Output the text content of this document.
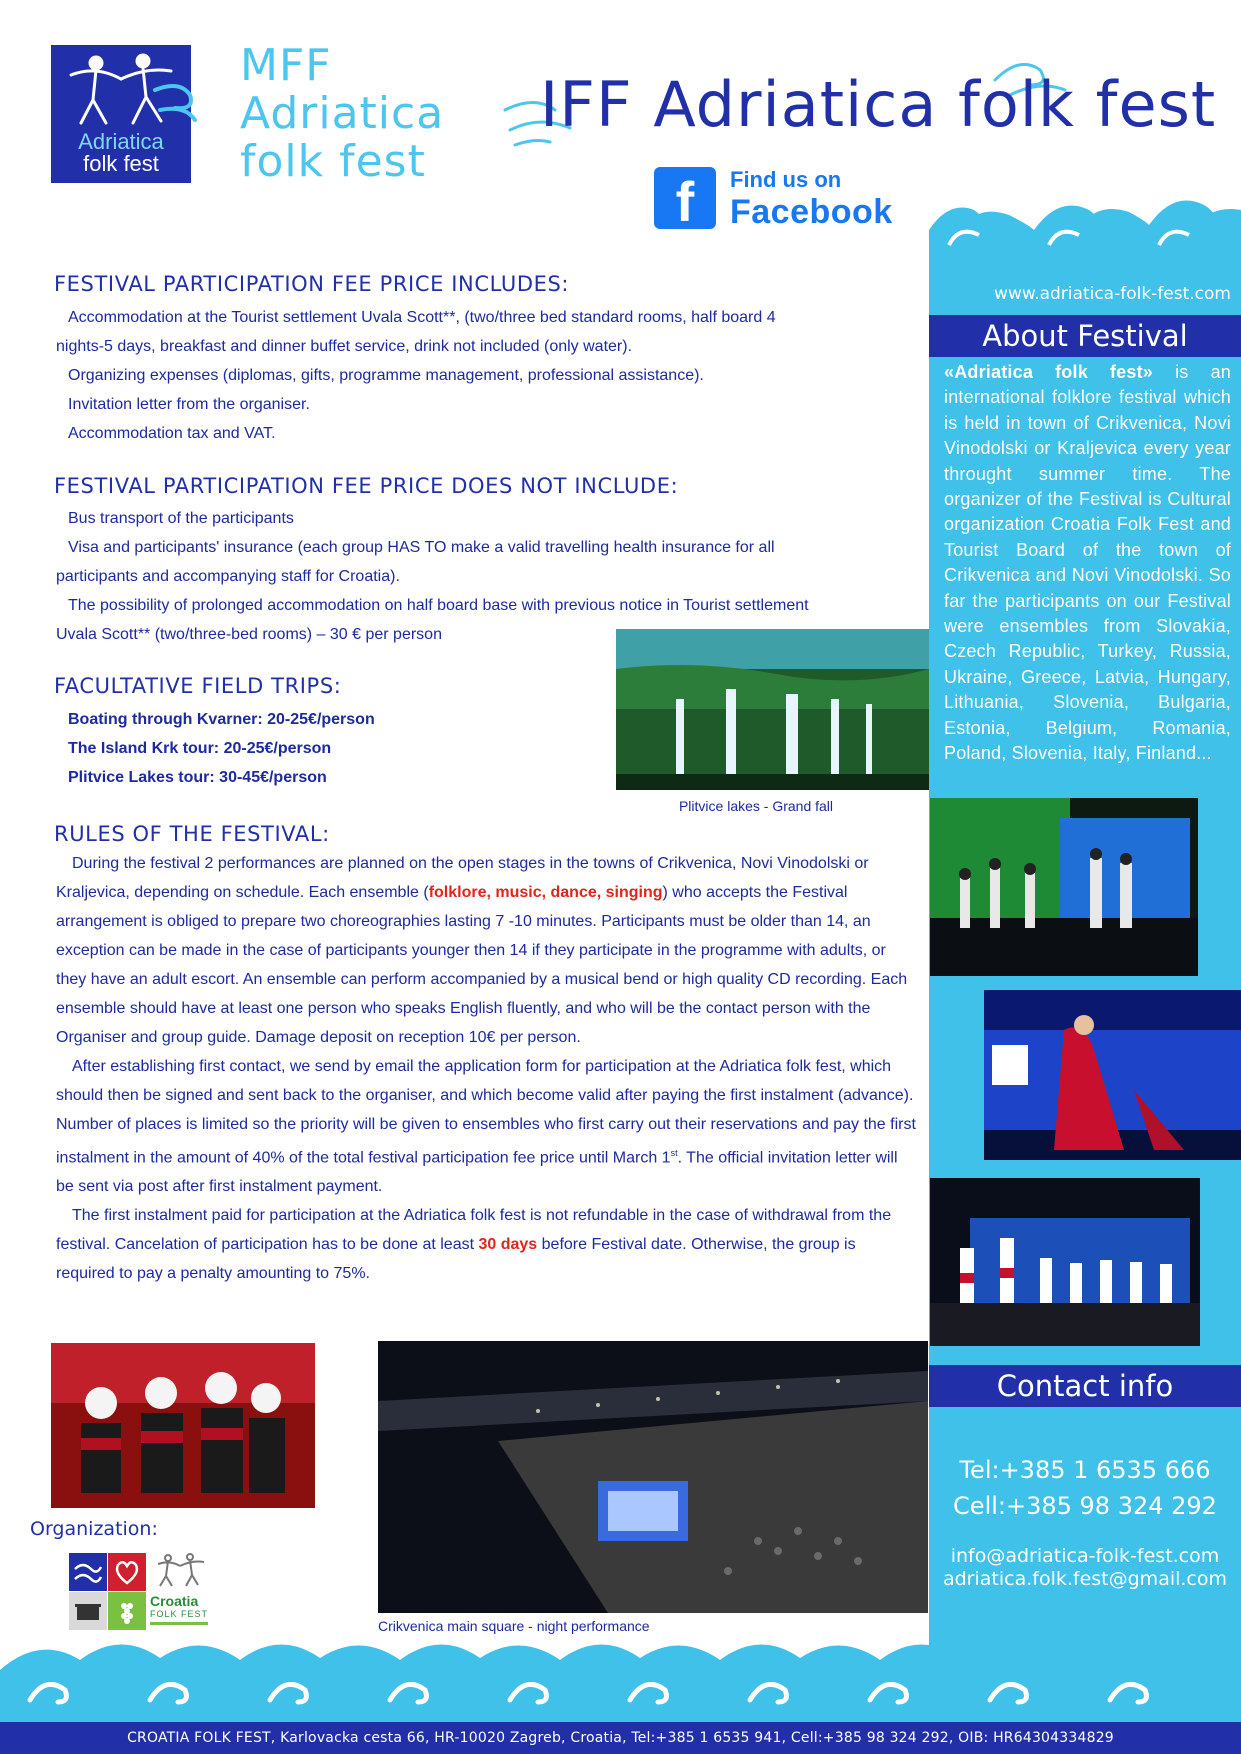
Adriatica
folk fest
MFF
Adriatica
folk fest
IFF Adriatica folk fest
f	Find us on
Facebook
www.adriatica-folk-fest.com
About Festival
«Adriatica folk fest» is an international folklore festival which is held in town of Crikvenica, Novi Vinodolski or Kraljevica every year throught summer time. The organizer of the Festival is Cultural organization Croatia Folk Fest and Tourist Board of the town of Crikvenica and Novi Vinodolski. So far the participants on our Festival were ensembles from Slovakia, Czech Republic, Turkey, Russia, Ukraine, Greece, Latvia, Hungary, Lithuania, Slovenia, Bulgaria, Estonia, Belgium, Romania, Poland, Slovenia, Italy, Finland...
Contact info
Tel:+385 1 6535 666
Cell:+385 98 324 292
info@adriatica-folk-fest.com
adriatica.folk.fest@gmail.com
FESTIVAL PARTICIPATION FEE PRICE INCLUDES:
Accommodation at the Tourist settlement Uvala Scott**, (two/three bed standard rooms, half board 4
nights-5 days, breakfast and dinner buffet service, drink not included (only water).
Organizing expenses (diplomas, gifts, programme management, professional assistance).
Invitation letter from the organiser.
Accommodation tax and VAT.
FESTIVAL PARTICIPATION FEE PRICE DOES NOT INCLUDE:
Bus transport of the participants
Visa and participants' insurance (each group HAS TO make a valid travelling health insurance for all
participants and accompanying staff for Croatia).
The possibility of prolonged accommodation on half board base with previous notice in Tourist settlement
Uvala Scott** (two/three-bed rooms) – 30 € per person
FACULTATIVE FIELD TRIPS:
Boating through Kvarner: 20-25€/person
The Island Krk tour: 20-25€/person
Plitvice Lakes tour: 30-45€/person
Plitvice lakes - Grand fall
RULES OF THE FESTIVAL:

During the festival 2 performances are planned on the open stages in the towns of Crikvenica, Novi Vinodolski or Kraljevica, depending on schedule. Each ensemble (folklore, music, dance, singing) who accepts the Festival arrangement is obliged to prepare two choreographies lasting 7 -10 minutes. Participants must be older than 14, an exception can be made in the case of participants younger then 14 if they participate in the programme with adults, or they have an adult escort. An ensemble can perform accompanied by a musical bend or high quality CD recording. Each ensemble should have at least one person who speaks English fluently, and who will be the contact person with the Organiser and group guide. Damage deposit on reception 10€ per person.

After establishing first contact, we send by email the application form for participation at the Adriatica folk fest, which should then be signed and sent back to the organiser, and which become valid after paying the first instalment (advance). Number of places is limited so the priority will be given to ensembles who first carry out their reservations and pay the first instalment in the amount of 40% of the total festival participation fee price until March 1st. The official invitation letter will be sent via post after first instalment payment.

The first instalment paid for participation at the Adriatica folk fest is not refundable in the case of withdrawal from the festival. Cancelation of participation has to be done at least 30 days before Festival date. Otherwise, the group is required to pay a penalty amounting to 75%.

Crikvenica main square - night performance
Organization:
Croatia
FOLK FEST
CROATIA FOLK FEST, Karlovacka cesta 66, HR-10020 Zagreb, Croatia, Tel:+385 1 6535 941, Cell:+385 98 324 292, OIB: HR64304334829
